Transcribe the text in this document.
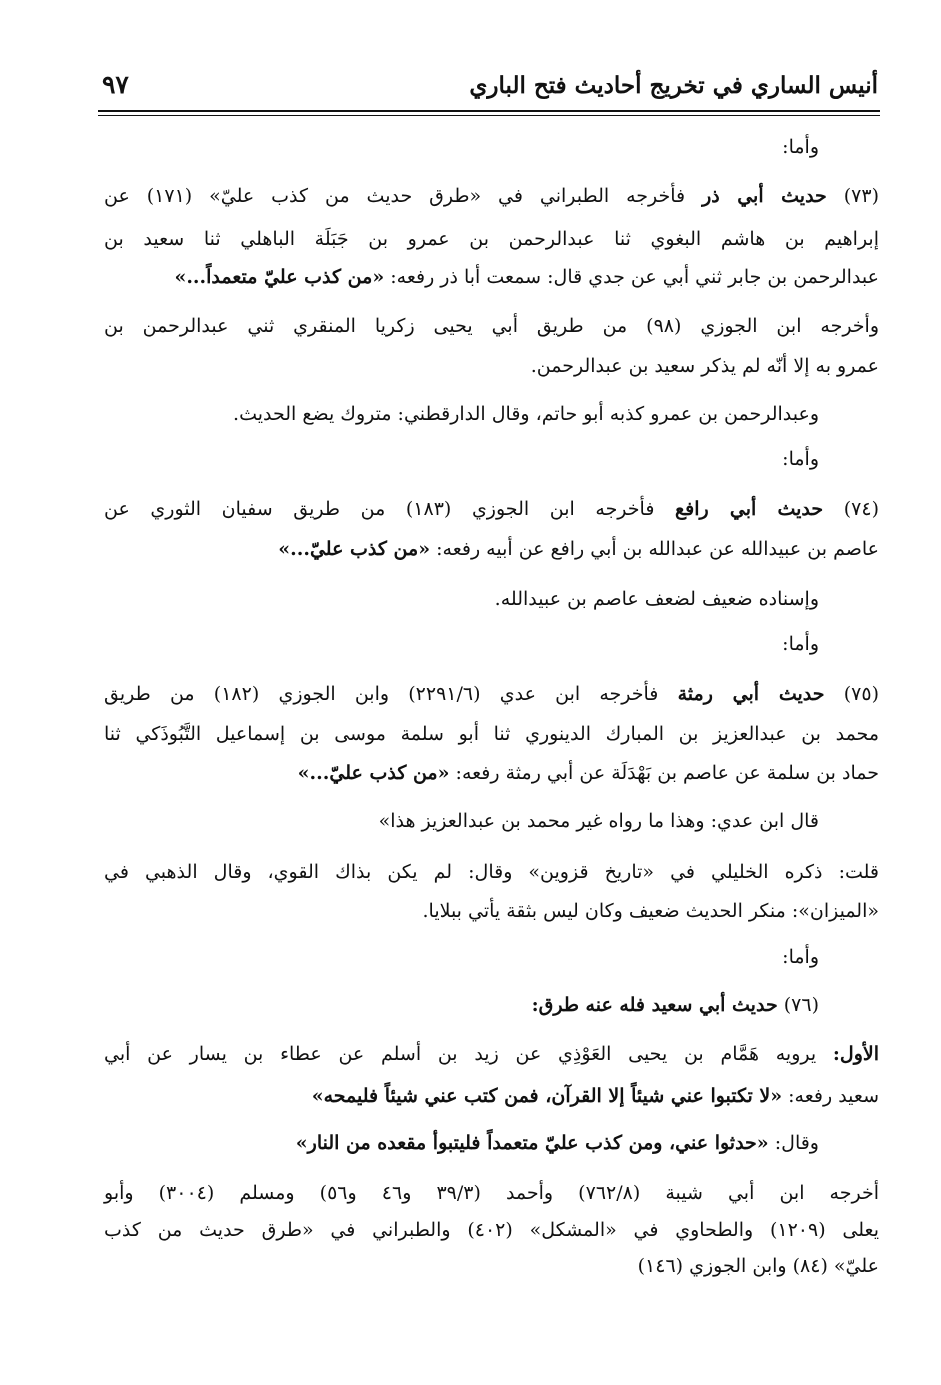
أنيس الساري في تخريج أحاديث فتح الباري
٩٧
وأما:
(٧٣) حديث أبي ذر فأخرجه الطبراني في «طرق حديث من كذب عليّ» (١٧١) عن
إبراهيم بن هاشم البغوي ثنا عبدالرحمن بن عمرو بن جَبَلَة الباهلي ثنا سعيد بن
عبدالرحمن بن جابر ثني أبي عن جدي قال: سمعت أبا ذر رفعه: «من كذب عليّ متعمداً...»
وأخرجه ابن الجوزي (٩٨) من طريق أبي يحيى زكريا المنقري ثني عبدالرحمن بن
عمرو به إلا أنّه لم يذكر سعيد بن عبدالرحمن.
وعبدالرحمن بن عمرو كذبه أبو حاتم، وقال الدارقطني: متروك يضع الحديث.
وأما:
(٧٤) حديث أبي رافع فأخرجه ابن الجوزي (١٨٣) من طريق سفيان الثوري عن
عاصم بن عبيدالله عن عبدالله بن أبي رافع عن أبيه رفعه: «من كذب عليّ...»
وإسناده ضعيف لضعف عاصم بن عبيدالله.
وأما:
(٧٥) حديث أبي رمثة فأخرجه ابن عدي (٢٢٩١/٦) وابن الجوزي (١٨٢) من طريق
محمد بن عبدالعزيز بن المبارك الدينوري ثنا أبو سلمة موسى بن إسماعيل التَّبُوذَكي ثنا
حماد بن سلمة عن عاصم بن بَهْدَلَة عن أبي رمثة رفعه: «من كذب عليّ...»
قال ابن عدي: وهذا ما رواه غير محمد بن عبدالعزيز هذا»
قلت: ذكره الخليلي في «تاريخ قزوين» وقال: لم يكن بذاك القوي، وقال الذهبي في
«الميزان»: منكر الحديث ضعيف وكان ليس بثقة يأتي ببلايا.
وأما:
(٧٦) حديث أبي سعيد فله عنه طرق:
الأول: يرويه هَمَّام بن يحيى العَوْذِي عن زيد بن أسلم عن عطاء بن يسار عن أبي
سعيد رفعه: «لا تكتبوا عني شيئاً إلا القرآن، فمن كتب عني شيئاً فليمحه»
وقال: «حدثوا عني، ومن كذب عليّ متعمداً فليتبوأ مقعده من النار»
أخرجه ابن أبي شيبة (٧٦٢/٨) وأحمد (٣٩/٣ و٤٦ و٥٦) ومسلم (٣٠٠٤) وأبو
يعلى (١٢٠٩) والطحاوي في «المشكل» (٤٠٢) والطبراني في «طرق حديث من كذب
عليّ» (٨٤) وابن الجوزي (١٤٦)
